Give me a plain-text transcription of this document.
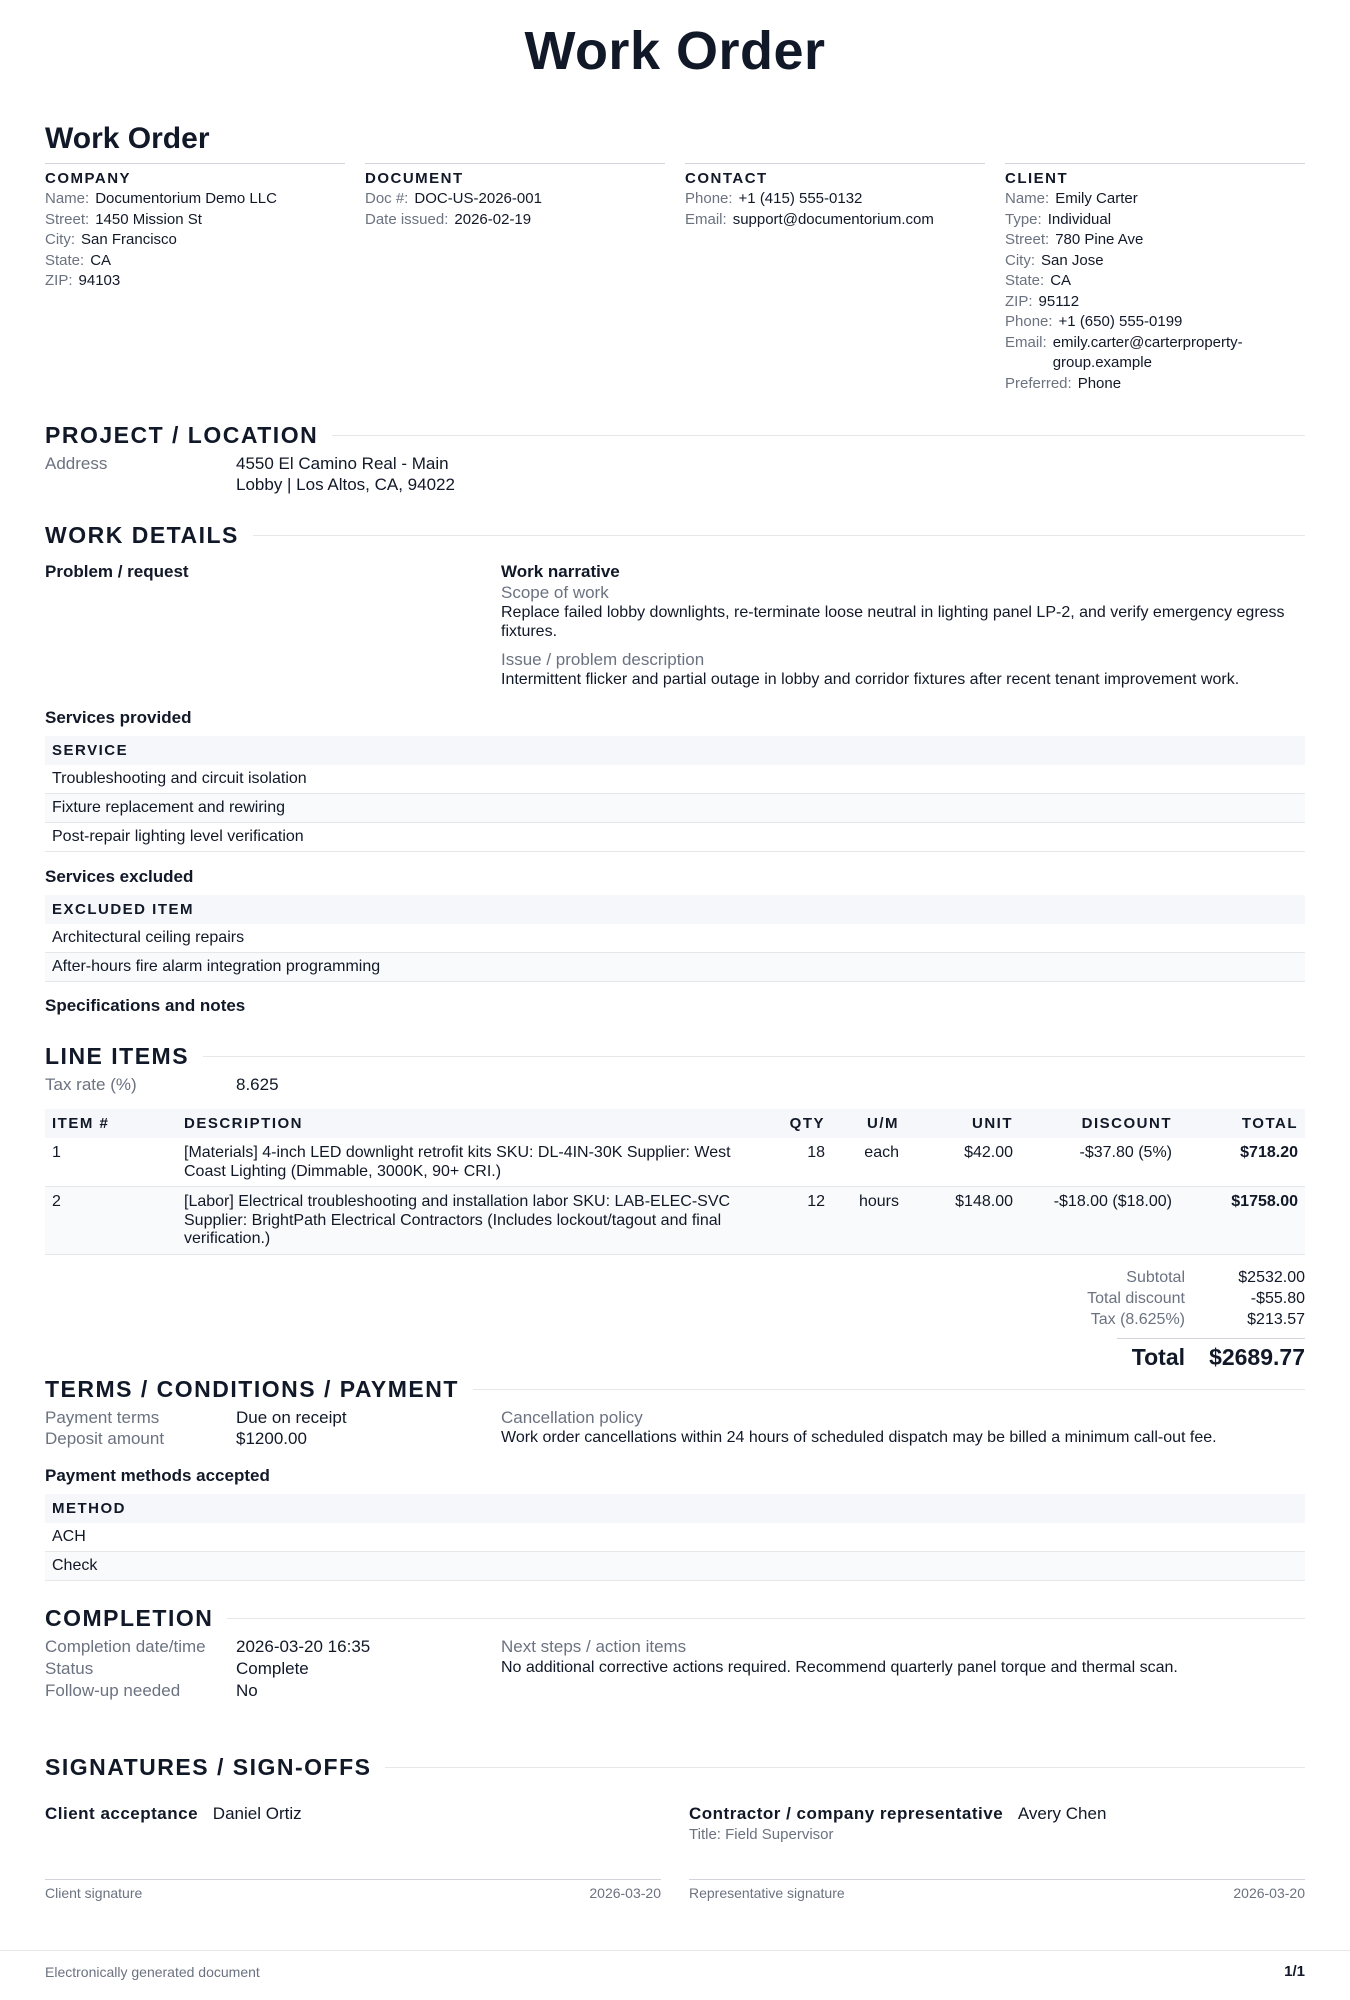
Work Order
Work Order
COMPANY
Name: Documentorium Demo LLC
Street: 1450 Mission St
City: San Francisco
State: CA
ZIP: 94103
DOCUMENT
Doc #: DOC-US-2026-001
Date issued: 2026-02-19
CONTACT
Phone: +1 (415) 555-0132
Email: support@documentorium.com
CLIENT
Name: Emily Carter
Type: Individual
Street: 780 Pine Ave
City: San Jose
State: CA
ZIP: 95112
Phone: +1 (650) 555-0199
Email: emily.carter@carterproperty-group.example
Preferred: Phone
PROJECT / LOCATION
Address	4550 El Camino Real - Main
Lobby | Los Altos, CA, 94022
WORK DETAILS
Problem / request	Work narrative
Scope of work
Replace failed lobby downlights, re-terminate loose neutral in lighting panel LP-2, and verify emergency egress fixtures.
Issue / problem description
Intermittent flicker and partial outage in lobby and corridor fixtures after recent tenant improvement work.
Services provided
SERVICE
Troubleshooting and circuit isolation
Fixture replacement and rewiring
Post-repair lighting level verification
Services excluded
EXCLUDED ITEM
Architectural ceiling repairs
After-hours fire alarm integration programming
Specifications and notes
LINE ITEMS
Tax rate (%)	8.625
ITEM #	DESCRIPTION	QTY	U/M	UNIT	DISCOUNT	TOTAL
1	[Materials] 4-inch LED downlight retrofit kits SKU: DL-4IN-30K Supplier: West Coast Lighting (Dimmable, 3000K, 90+ CRI.)	18	each	$42.00	-$37.80 (5%)	$718.20
2	[Labor] Electrical troubleshooting and installation labor SKU: LAB-ELEC-SVC Supplier: BrightPath Electrical Contractors (Includes lockout/tagout and final verification.)	12	hours	$148.00	-$18.00 ($18.00)	$1758.00
Subtotal	$2532.00
Total discount	-$55.80
Tax (8.625%)	$213.57
Total $2689.77
TERMS / CONDITIONS / PAYMENT
Payment terms	Due on receipt
Deposit amount	$1200.00
Cancellation policy
Work order cancellations within 24 hours of scheduled dispatch may be billed a minimum call-out fee.
Payment methods accepted
METHOD
ACH
Check
COMPLETION
Completion date/time	2026-03-20 16:35
Status	Complete
Follow-up needed	No
Next steps / action items
No additional corrective actions required. Recommend quarterly panel torque and thermal scan.
SIGNATURES / SIGN-OFFS
Client acceptance Daniel Ortiz
Client signature	2026-03-20
Contractor / company representative Avery Chen
Title: Field Supervisor
Representative signature	2026-03-20
Electronically generated document	1/1
